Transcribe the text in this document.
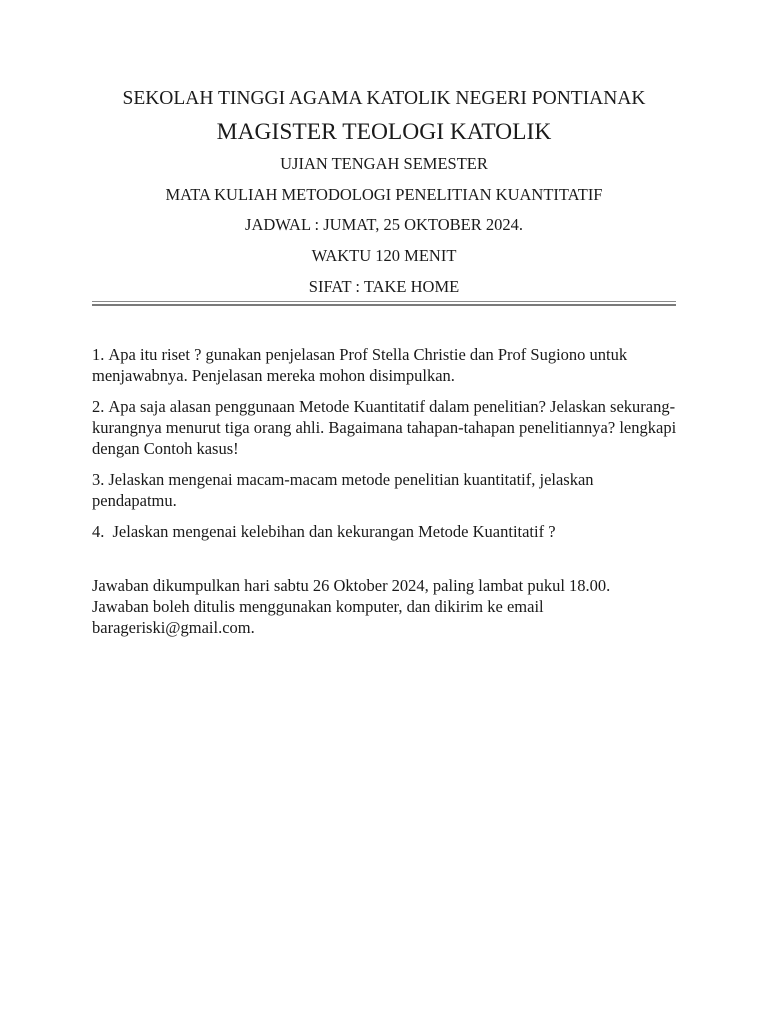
SEKOLAH TINGGI AGAMA KATOLIK NEGERI PONTIANAK
MAGISTER TEOLOGI KATOLIK
UJIAN TENGAH SEMESTER
MATA KULIAH METODOLOGI PENELITIAN KUANTITATIF
JADWAL : JUMAT, 25 OKTOBER 2024.
WAKTU 120 MENIT
SIFAT : TAKE HOME

1. Apa itu riset ? gunakan penjelasan Prof Stella Christie dan Prof Sugiono untuk menjawabnya. Penjelasan mereka mohon disimpulkan.

2. Apa saja alasan penggunaan Metode Kuantitatif dalam penelitian? Jelaskan sekurang-kurangnya menurut tiga orang ahli. Bagaimana tahapan-tahapan penelitiannya? lengkapi dengan Contoh kasus!

3. Jelaskan mengenai macam-macam metode penelitian kuantitatif, jelaskan pendapatmu.

4. Jelaskan mengenai kelebihan dan kekurangan Metode Kuantitatif ?

Jawaban dikumpulkan hari sabtu 26 Oktober 2024, paling lambat pukul 18.00.

Jawaban boleh ditulis menggunakan komputer, dan dikirim ke email

barageriski@gmail.com.
